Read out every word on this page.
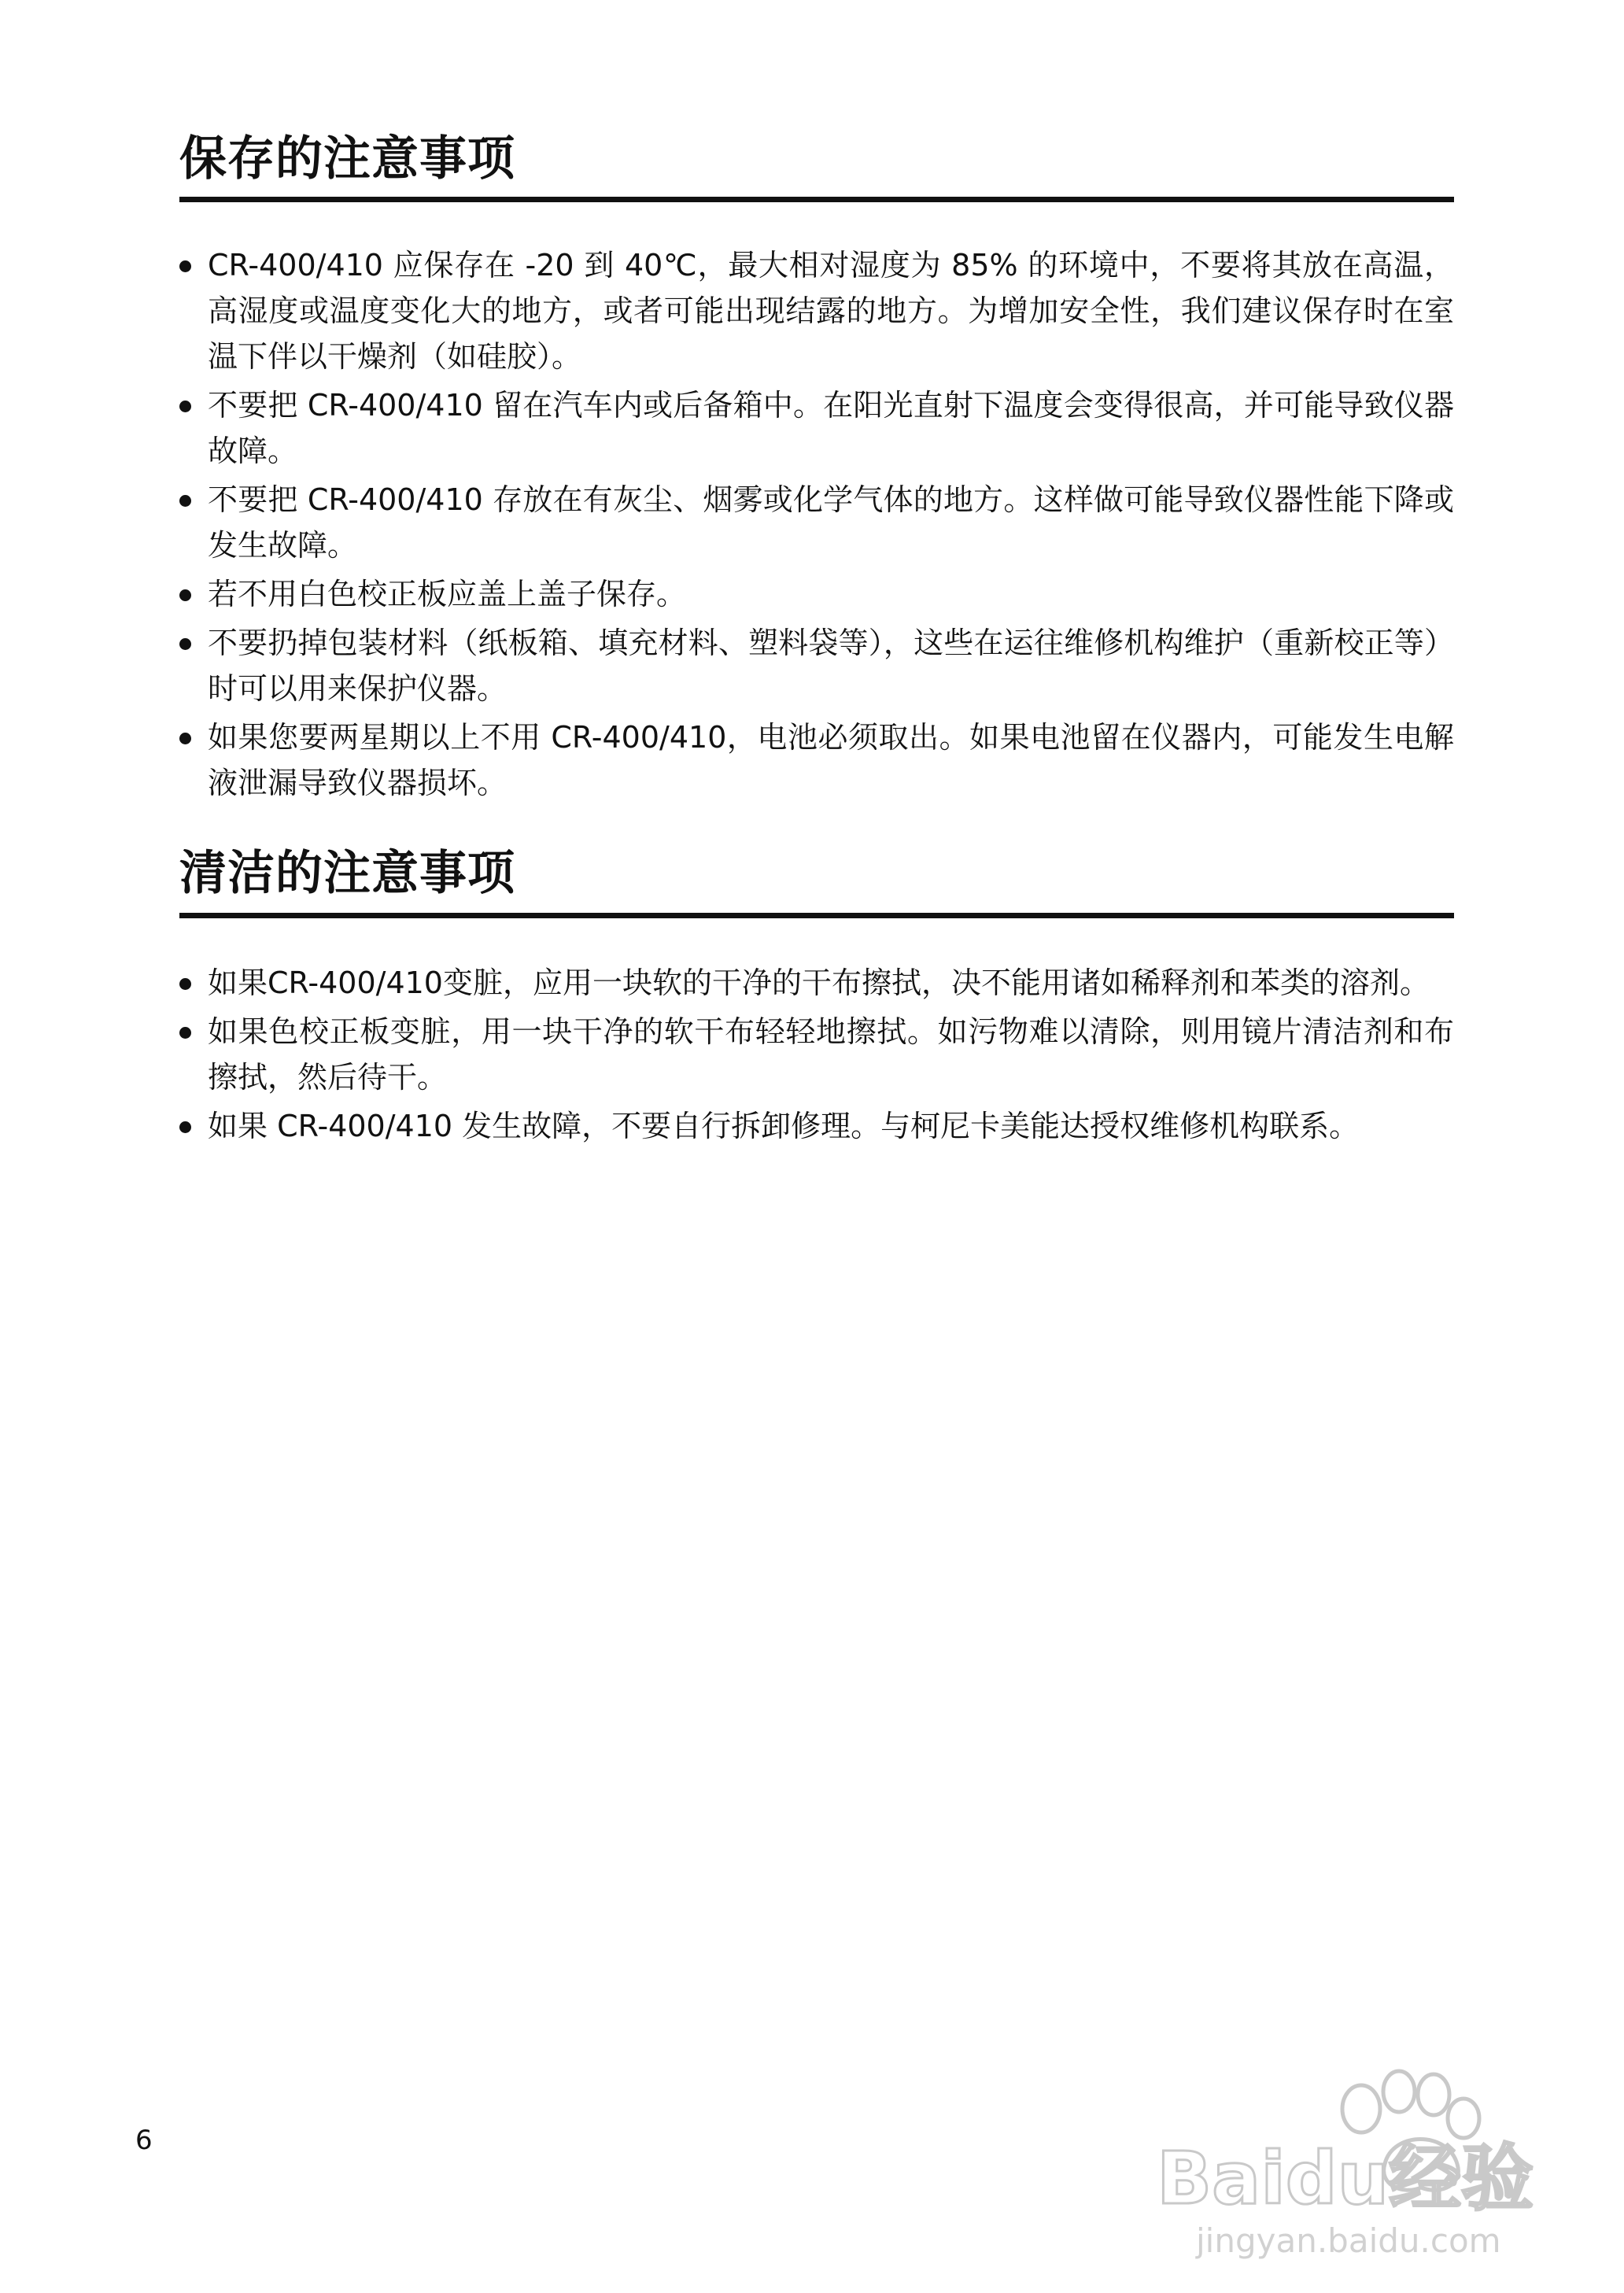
保存的注意事项
CR-400/410 应保存在 -20 到 40℃，最大相对湿度为 85% 的环境中，不要将其放在高温，高湿度或温度变化大的地方，或者可能出现结露的地方。为增加安全性，我们建议保存时在室温下伴以干燥剂（如硅胶）。
不要把 CR-400/410 留在汽车内或后备箱中。在阳光直射下温度会变得很高，并可能导致仪器故障。
不要把 CR-400/410 存放在有灰尘、烟雾或化学气体的地方。这样做可能导致仪器性能下降或发生故障。
若不用白色校正板应盖上盖子保存。
不要扔掉包装材料（纸板箱、填充材料、塑料袋等），这些在运往维修机构维护（重新校正等）时可以用来保护仪器。
如果您要两星期以上不用 CR-400/410，电池必须取出。如果电池留在仪器内，可能发生电解液泄漏导致仪器损坏。
清洁的注意事项
如果CR-400/410变脏，应用一块软的干净的干布擦拭，决不能用诸如稀释剂和苯类的溶剂。
如果色校正板变脏，用一块干净的软干布轻轻地擦拭。如污物难以清除，则用镜片清洁剂和布擦拭，然后待干。
如果 CR-400/410 发生故障，不要自行拆卸修理。与柯尼卡美能达授权维修机构联系。
6	Baidu经验
jingyan.baidu.com
